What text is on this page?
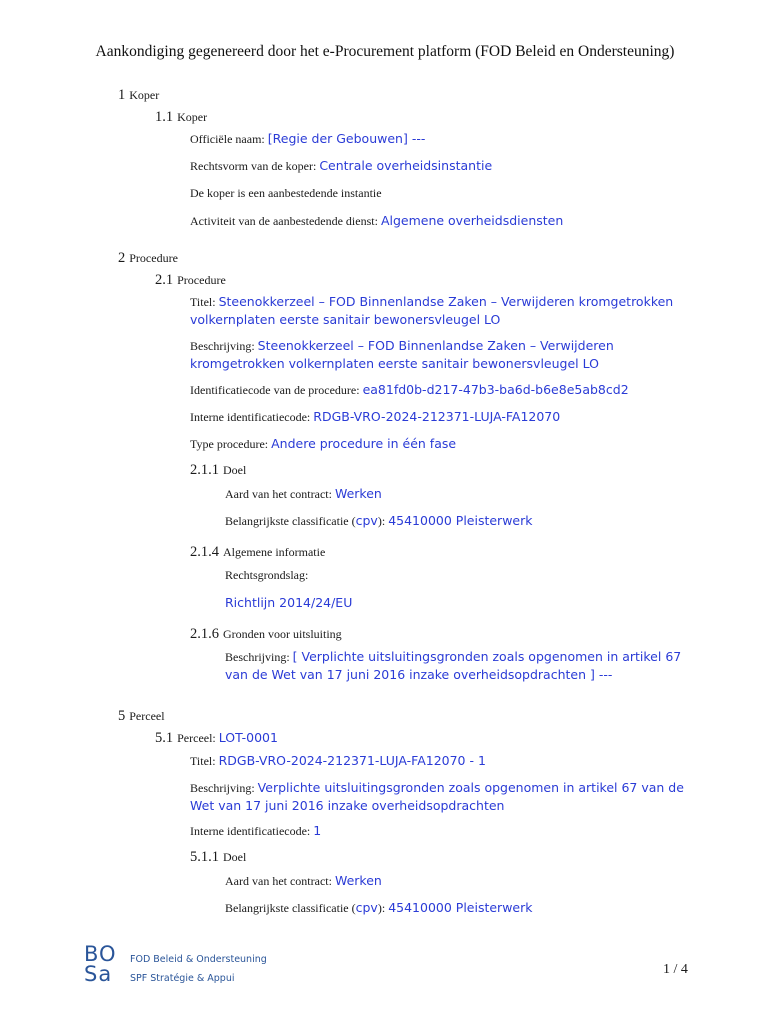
Aankondiging gegenereerd door het e-Procurement platform (FOD Beleid en Ondersteuning)
1 Koper
1.1 Koper
Officiële naam: [Regie der Gebouwen] ---
Rechtsvorm van de koper: Centrale overheidsinstantie
De koper is een aanbestedende instantie
Activiteit van de aanbestedende dienst: Algemene overheidsdiensten
2 Procedure
2.1 Procedure
Titel: Steenokkerzeel – FOD Binnenlandse Zaken – Verwijderen kromgetrokken
volkernplaten eerste sanitair bewonersvleugel LO
Beschrijving: Steenokkerzeel – FOD Binnenlandse Zaken – Verwijderen
kromgetrokken volkernplaten eerste sanitair bewonersvleugel LO
Identificatiecode van de procedure: ea81fd0b-d217-47b3-ba6d-b6e8e5ab8cd2
Interne identificatiecode: RDGB-VRO-2024-212371-LUJA-FA12070
Type procedure: Andere procedure in één fase
2.1.1 Doel
Aard van het contract: Werken
Belangrijkste classificatie (cpv): 45410000 Pleisterwerk
2.1.4 Algemene informatie
Rechtsgrondslag:
Richtlijn 2014/24/EU
2.1.6 Gronden voor uitsluiting
Beschrijving: [ Verplichte uitsluitingsgronden zoals opgenomen in artikel 67
van de Wet van 17 juni 2016 inzake overheidsopdrachten ] ---
5 Perceel
5.1 Perceel: LOT-0001
Titel: RDGB-VRO-2024-212371-LUJA-FA12070 - 1
Beschrijving: Verplichte uitsluitingsgronden zoals opgenomen in artikel 67 van de
Wet van 17 juni 2016 inzake overheidsopdrachten
Interne identificatiecode: 1
5.1.1 Doel
Aard van het contract: Werken
Belangrijkste classificatie (cpv): 45410000 Pleisterwerk
BO
Sa
FOD Beleid & Ondersteuning
SPF Stratégie & Appui
1 / 4
